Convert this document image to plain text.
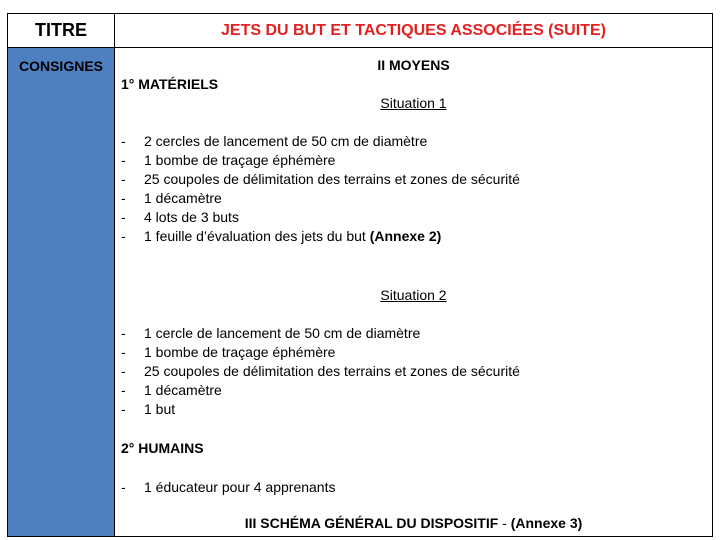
TITRE	JETS DU BUT ET TACTIQUES ASSOCIÉES (SUITE)
CONSIGNES	II MOYENS
1° MATÉRIELS
Situation 1
- 2 cercles de lancement de 50 cm de diamètre
- 1 bombe de traçage éphémère
- 25 coupoles de délimitation des terrains et zones de sécurité
- 1 décamètre
- 4 lots de 3 buts
- 1 feuille d’évaluation des jets du but (Annexe 2)
Situation 2
- 1 cercle de lancement de 50 cm de diamètre
- 1 bombe de traçage éphémère
- 25 coupoles de délimitation des terrains et zones de sécurité
- 1 décamètre
- 1 but
2° HUMAINS
- 1 éducateur pour 4 apprenants
III SCHÉMA GÉNÉRAL DU DISPOSITIF - (Annexe 3)
